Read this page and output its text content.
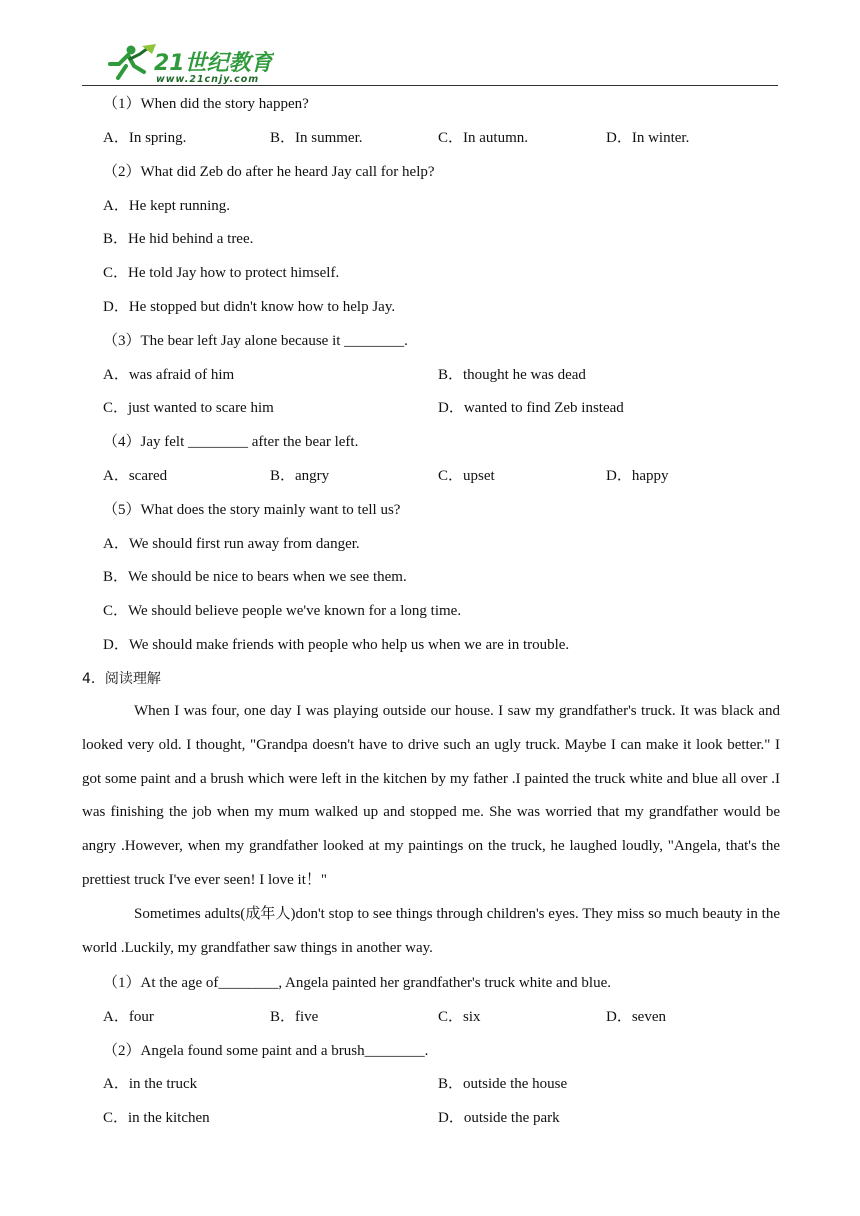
21世纪教育
www.21cnjy.com
（1）When did the story happen?
A．In spring.	B．In summer.	C．In autumn.	D．In winter.
（2）What did Zeb do after he heard Jay call for help?
A．He kept running.
B．He hid behind a tree.
C．He told Jay how to protect himself.
D．He stopped but didn't know how to help Jay.
（3）The bear left Jay alone because it ________.
A．was afraid of him	B．thought he was dead
C．just wanted to scare him	D．wanted to find Zeb instead
（4）Jay felt ________ after the bear left.
A．scared	B．angry	C．upset	D．happy
（5）What does the story mainly want to tell us?
A．We should first run away from danger.
B．We should be nice to bears when we see them.
C．We should believe people we've known for a long time.
D．We should make friends with people who help us when we are in trouble.
4．阅读理解
When I was four, one day I was playing outside our house. I saw my grandfather's truck. It was black and looked very old. I thought, "Grandpa doesn't have to drive such an ugly truck. Maybe I can make it look better." I got some paint and a brush which were left in the kitchen by my father .I painted the truck white and blue all over .I was finishing the job when my mum walked up and stopped me. She was worried that my grandfather would be angry .However, when my grandfather looked at my paintings on the truck, he laughed loudly, "Angela, that's the prettiest truck I've ever seen! I love it！"
Sometimes adults(成年人)don't stop to see things through children's eyes. They miss so much beauty in the world .Luckily, my grandfather saw things in another way.
（1）At the age of________, Angela painted her grandfather's truck white and blue.
A．four	B．five	C．six	D．seven
（2）Angela found some paint and a brush________.
A．in the truck	B．outside the house
C．in the kitchen	D．outside the park
